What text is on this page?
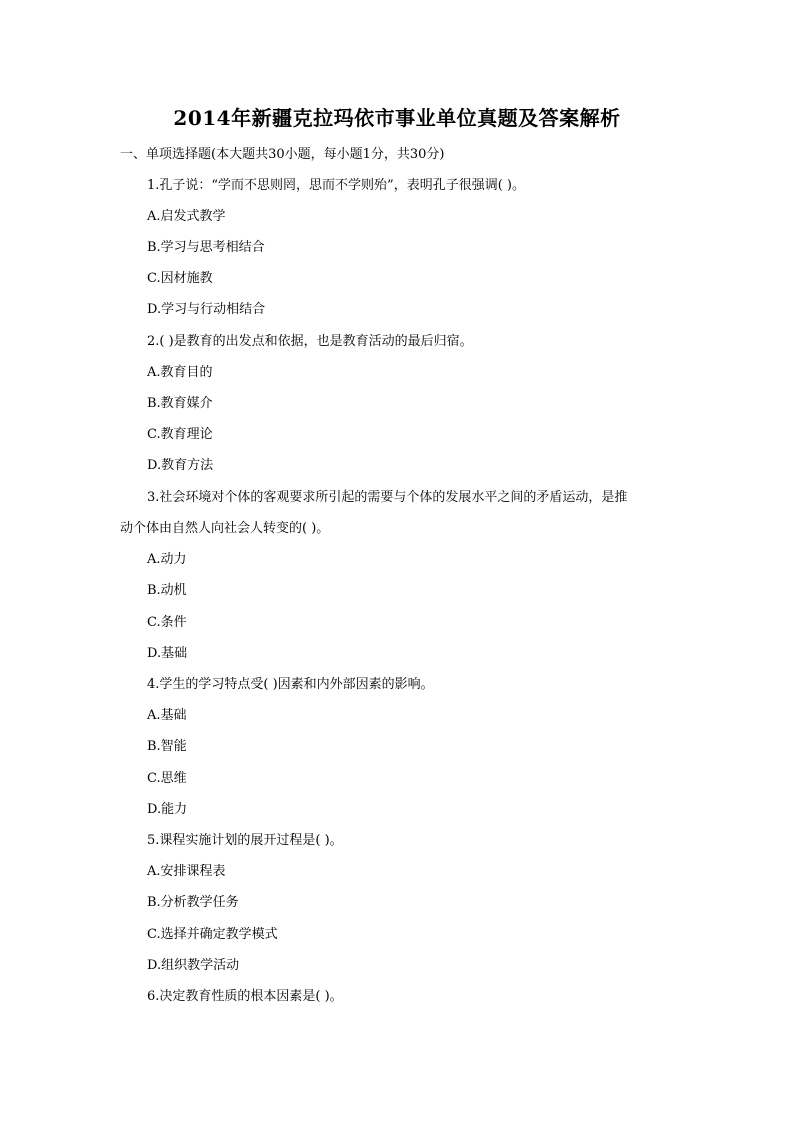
2014年新疆克拉玛依市事业单位真题及答案解析
一、单项选择题(本大题共30小题，每小题1分，共30分)
1.孔子说：“学而不思则罔，思而不学则殆”，表明孔子很强调( )。
A.启发式教学
B.学习与思考相结合
C.因材施教
D.学习与行动相结合
2.( )是教育的出发点和依据，也是教育活动的最后归宿。
A.教育目的
B.教育媒介
C.教育理论
D.教育方法
3.社会环境对个体的客观要求所引起的需要与个体的发展水平之间的矛盾运动，是推
动个体由自然人向社会人转变的( )。
A.动力
B.动机
C.条件
D.基础
4.学生的学习特点受( )因素和内外部因素的影响。
A.基础
B.智能
C.思维
D.能力
5.课程实施计划的展开过程是( )。
A.安排课程表
B.分析教学任务
C.选择并确定教学模式
D.组织教学活动
6.决定教育性质的根本因素是( )。
